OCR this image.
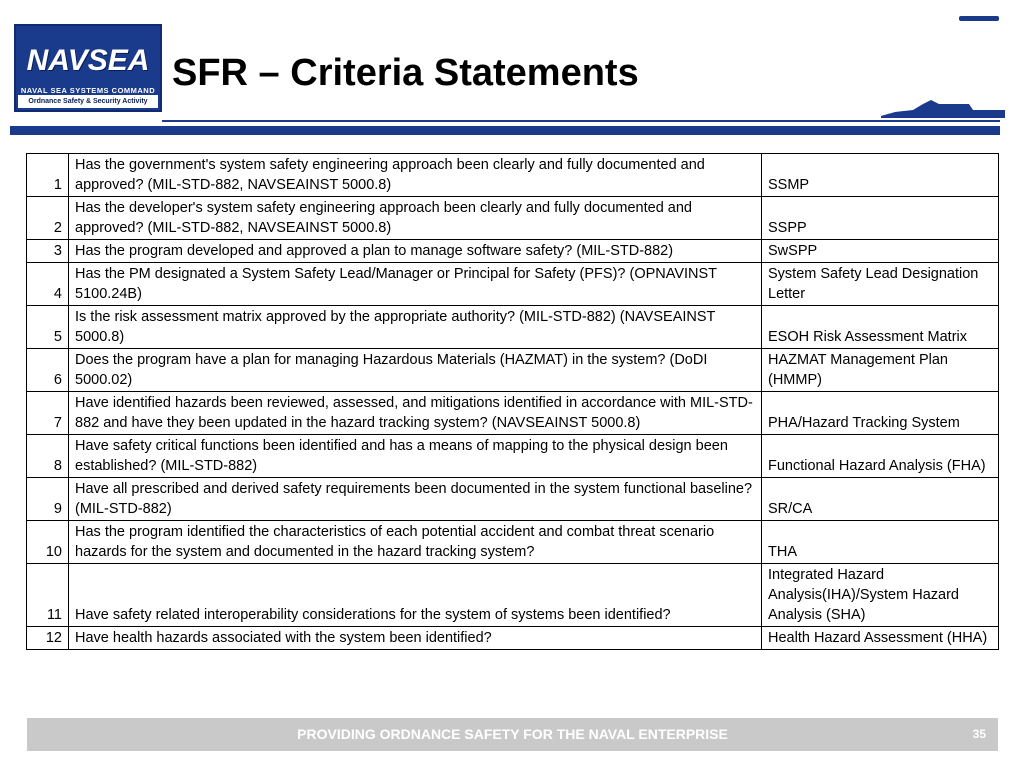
NAVSEA
NAVAL SEA SYSTEMS COMMAND
Ordnance Safety & Security Activity
SFR – Criteria Statements
1	Has the government's system safety engineering approach been clearly and fully documented and approved? (MIL-STD-882, NAVSEAINST 5000.8)	SSMP
2	Has the developer's system safety engineering approach been clearly and fully documented and approved? (MIL-STD-882, NAVSEAINST 5000.8)	SSPP
3	Has the program developed and approved a plan to manage software safety? (MIL-STD-882)	SwSPP
4	Has the PM designated a System Safety Lead/Manager or Principal for Safety (PFS)? (OPNAVINST 5100.24B)	System Safety Lead Designation Letter
5	Is the risk assessment matrix approved by the appropriate authority? (MIL-STD-882) (NAVSEAINST 5000.8)	ESOH Risk Assessment Matrix
6	Does the program have a plan for managing Hazardous Materials (HAZMAT) in the system? (DoDI 5000.02)	HAZMAT Management Plan (HMMP)
7	Have identified hazards been reviewed, assessed, and mitigations identified in accordance with MIL-STD-882 and have they been updated in the hazard tracking system? (NAVSEAINST 5000.8)	PHA/Hazard Tracking System
8	Have safety critical functions been identified and has a means of mapping to the physical design been established? (MIL-STD-882)	Functional Hazard Analysis (FHA)
9	Have all prescribed and derived safety requirements been documented in the system functional baseline? (MIL-STD-882)	SR/CA
10	Has the program identified the characteristics of each potential accident and combat threat scenario hazards for the system and documented in the hazard tracking system?	THA
11	Have safety related interoperability considerations for the system of systems been identified?	Integrated Hazard Analysis(IHA)/System Hazard Analysis (SHA)
12	Have health hazards associated with the system been identified?	Health Hazard Assessment (HHA)
PROVIDING ORDNANCE SAFETY FOR THE NAVAL ENTERPRISE	35
